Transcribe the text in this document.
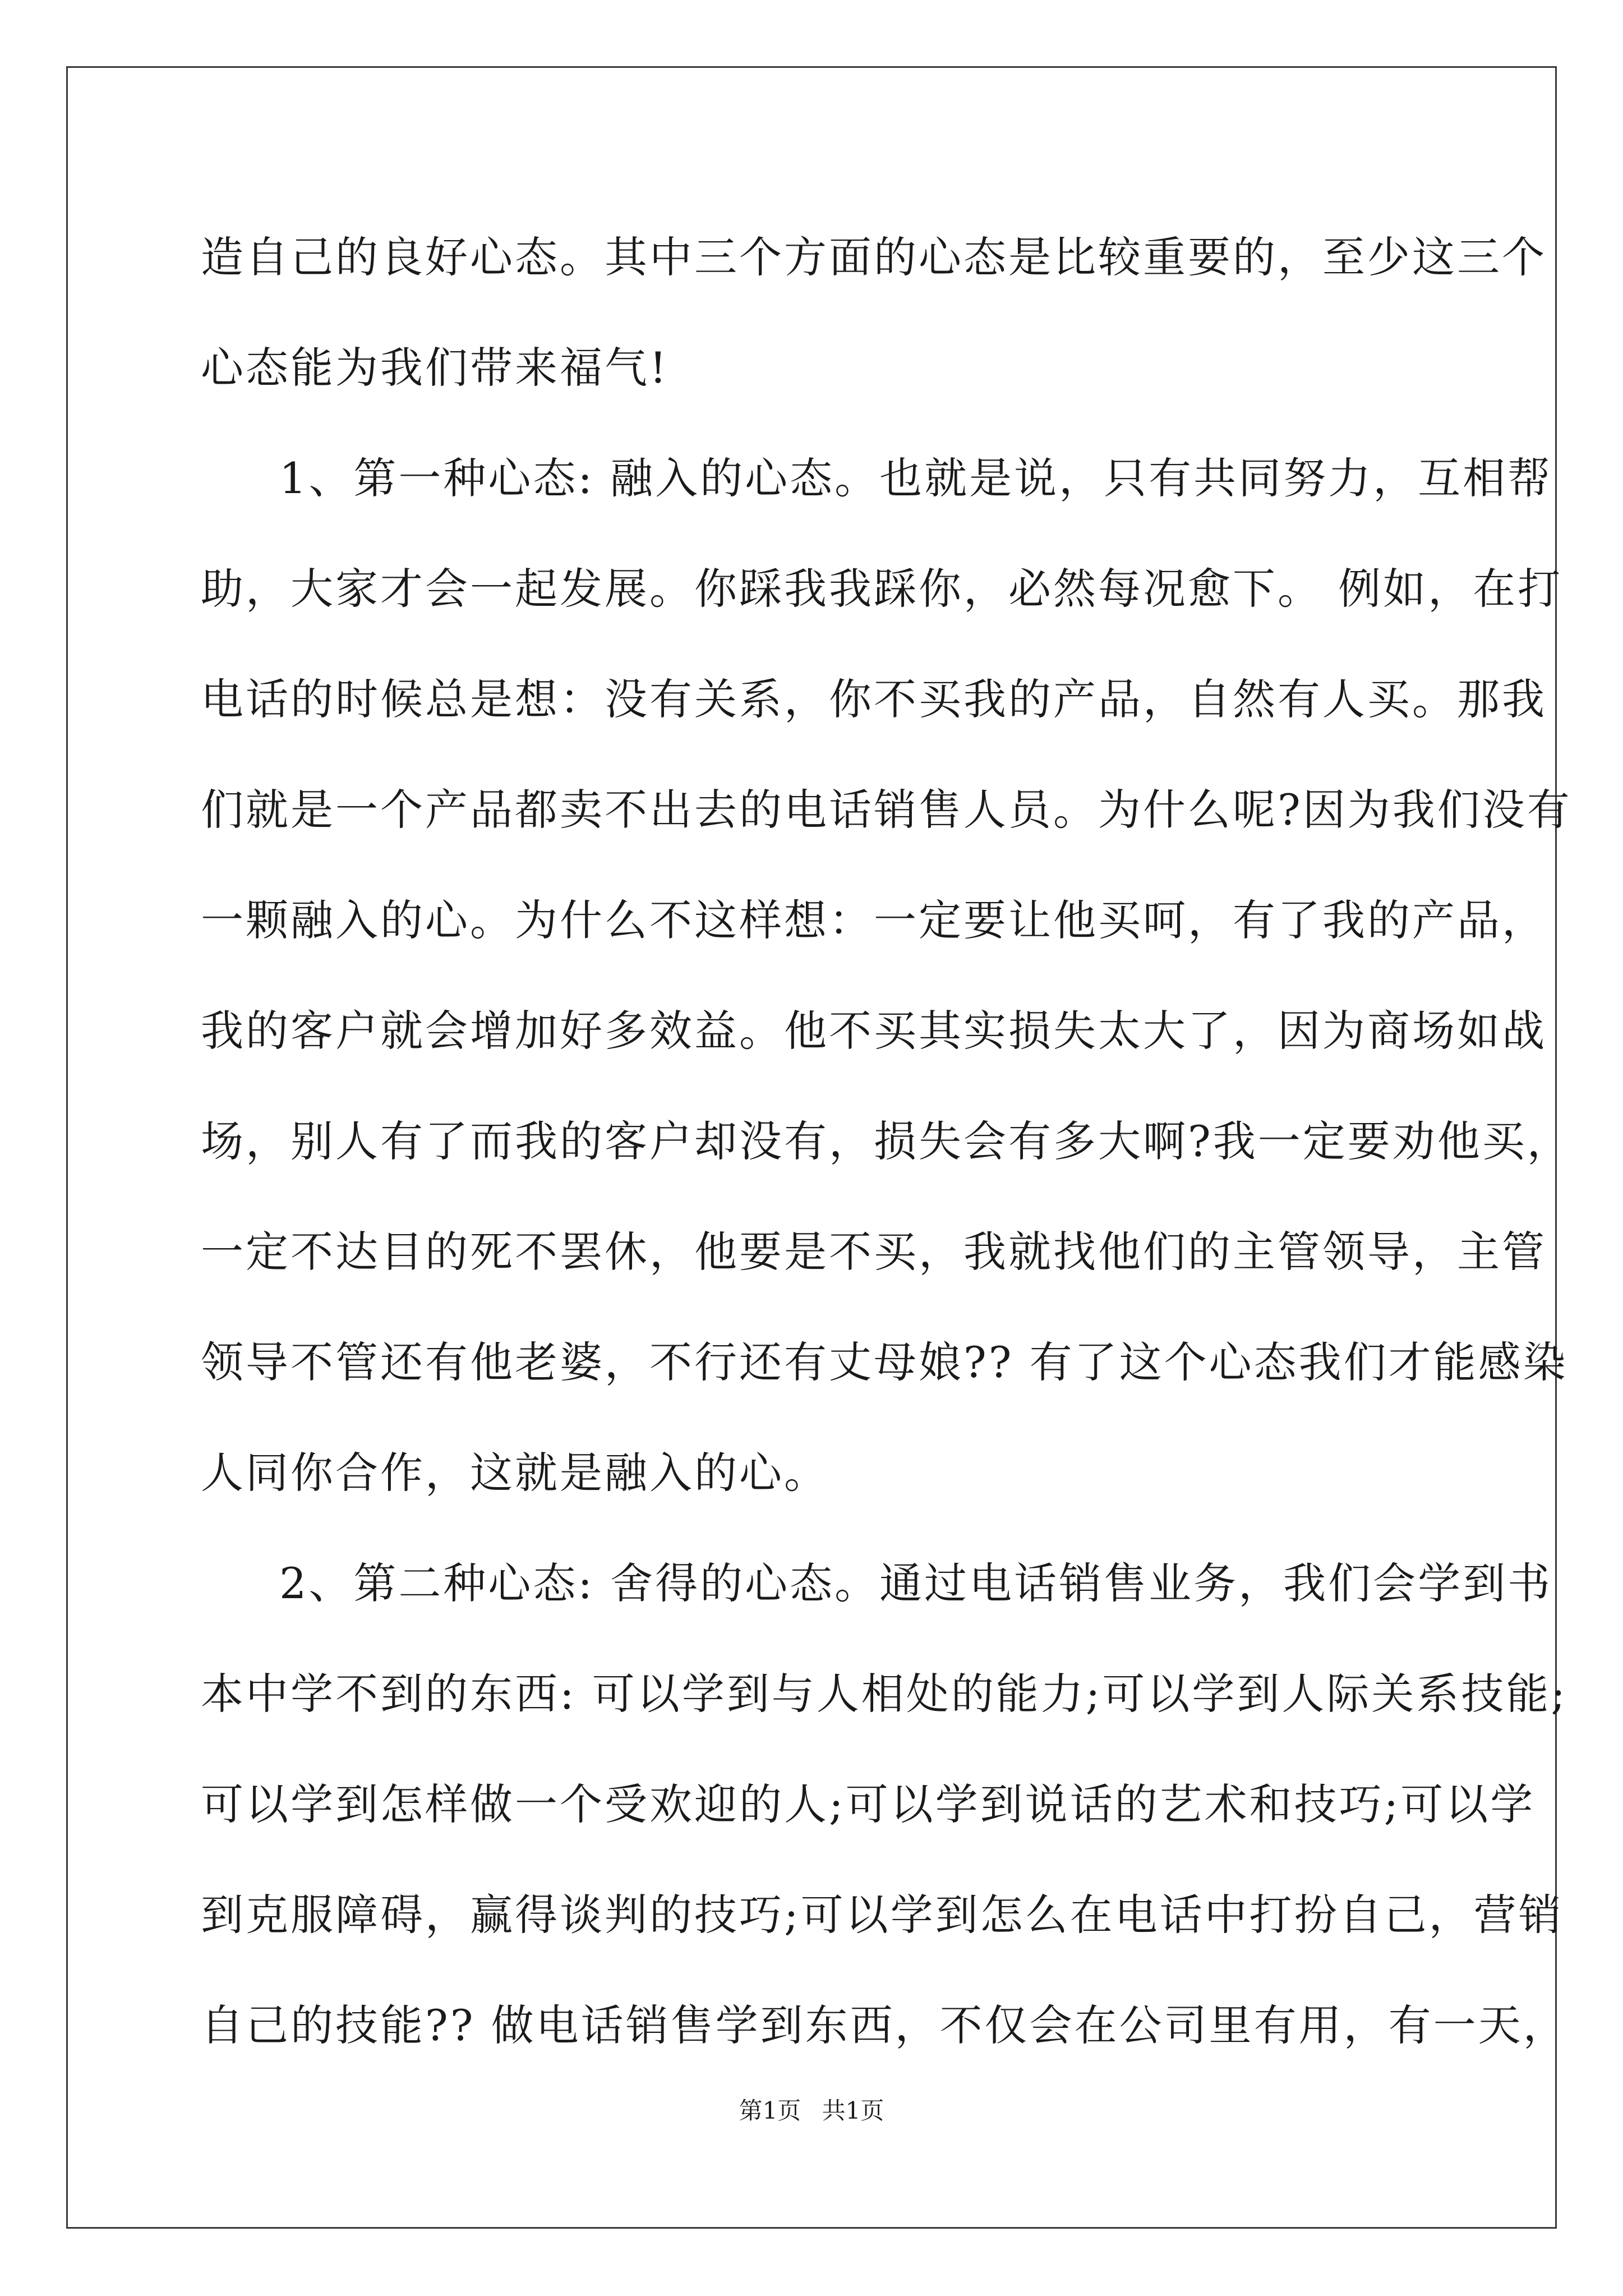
造自己的良好心态。其中三个方面的心态是比较重要的，至少这三个
心态能为我们带来福气!
1、第一种心态: 融入的心态。也就是说，只有共同努力，互相帮
助，大家才会一起发展。你踩我我踩你，必然每况愈下。 例如，在打
电话的时候总是想：没有关系，你不买我的产品，自然有人买。那我
们就是一个产品都卖不出去的电话销售人员。为什么呢?因为我们没有
一颗融入的心。为什么不这样想：一定要让他买呵，有了我的产品，
我的客户就会增加好多效益。他不买其实损失太大了，因为商场如战
场，别人有了而我的客户却没有，损失会有多大啊?我一定要劝他买，
一定不达目的死不罢休，他要是不买，我就找他们的主管领导，主管
领导不管还有他老婆，不行还有丈母娘?? 有了这个心态我们才能感染
人同你合作，这就是融入的心。
2、第二种心态: 舍得的心态。通过电话销售业务，我们会学到书
本中学不到的东西: 可以学到与人相处的能力;可以学到人际关系技能;
可以学到怎样做一个受欢迎的人;可以学到说话的艺术和技巧;可以学
到克服障碍，赢得谈判的技巧;可以学到怎么在电话中打扮自己，营销
自己的技能?? 做电话销售学到东西，不仅会在公司里有用，有一天，
第1页 共1页
